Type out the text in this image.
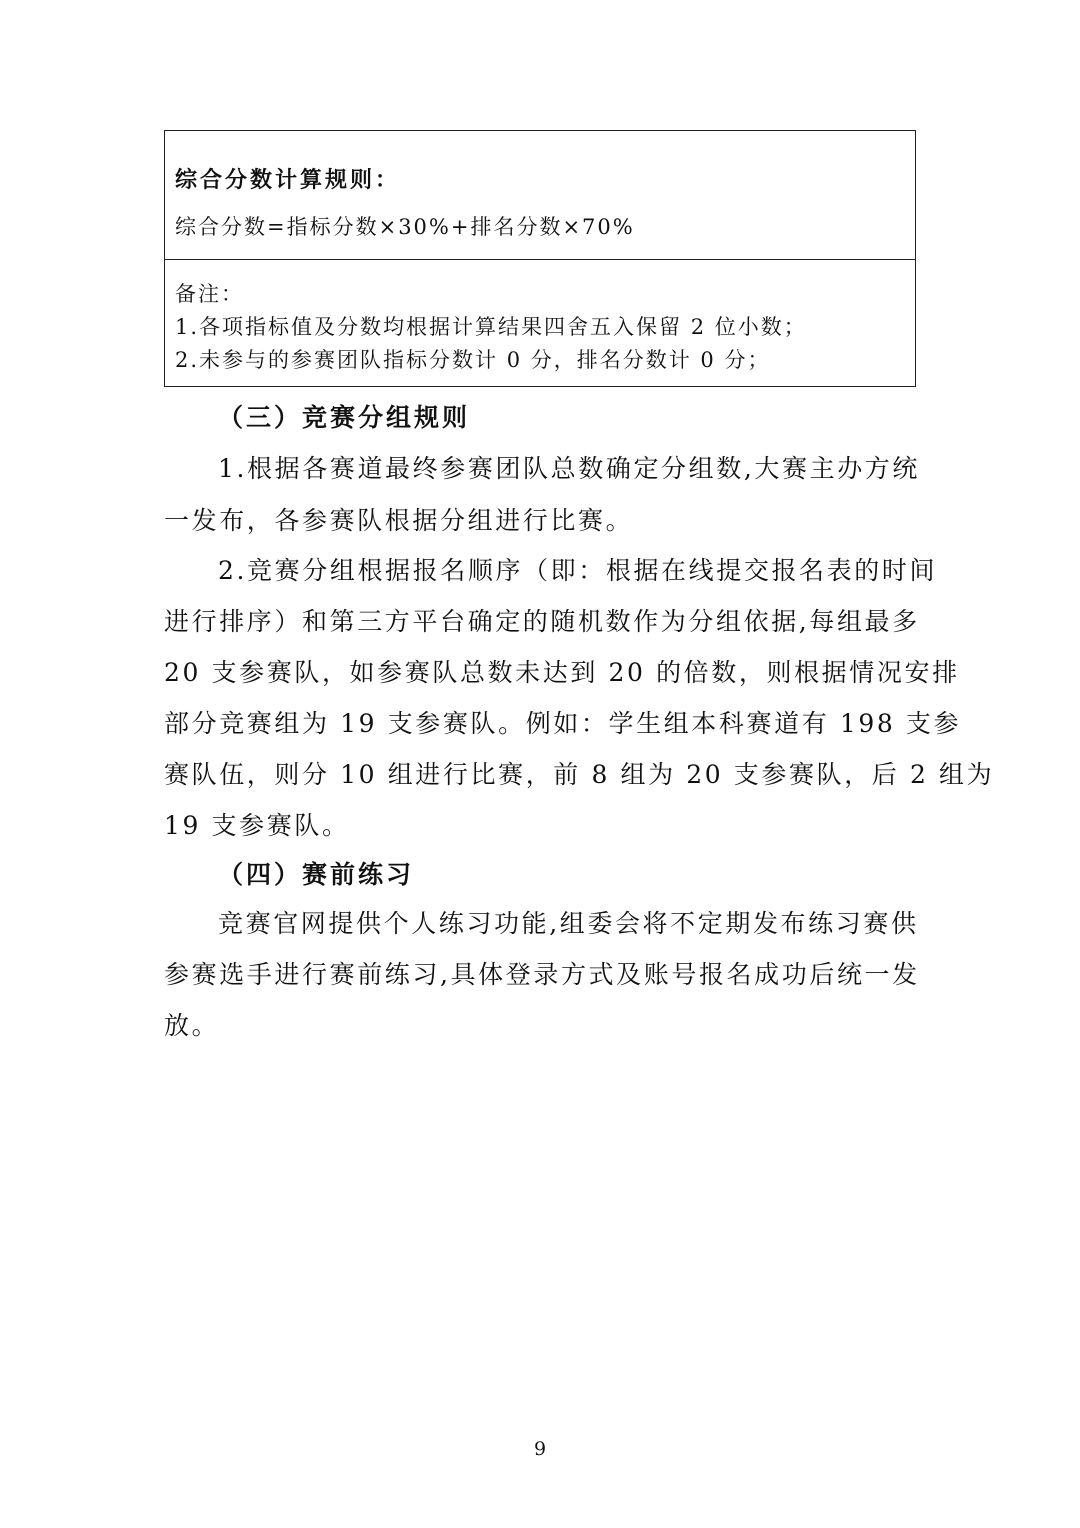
综合分数计算规则：
综合分数=指标分数×30%+排名分数×70%
备注：
1.各项指标值及分数均根据计算结果四舍五入保留 2 位小数；
2.未参与的参赛团队指标分数计 0 分，排名分数计 0 分；
（三）竞赛分组规则
1.根据各赛道最终参赛团队总数确定分组数,大赛主办方统
一发布，各参赛队根据分组进行比赛。
2.竞赛分组根据报名顺序（即：根据在线提交报名表的时间
进行排序）和第三方平台确定的随机数作为分组依据,每组最多
20 支参赛队，如参赛队总数未达到 20 的倍数，则根据情况安排
部分竞赛组为 19 支参赛队。例如：学生组本科赛道有 198 支参
赛队伍，则分 10 组进行比赛，前 8 组为 20 支参赛队，后 2 组为
19 支参赛队。
（四）赛前练习
竞赛官网提供个人练习功能,组委会将不定期发布练习赛供
参赛选手进行赛前练习,具体登录方式及账号报名成功后统一发
放。
9
